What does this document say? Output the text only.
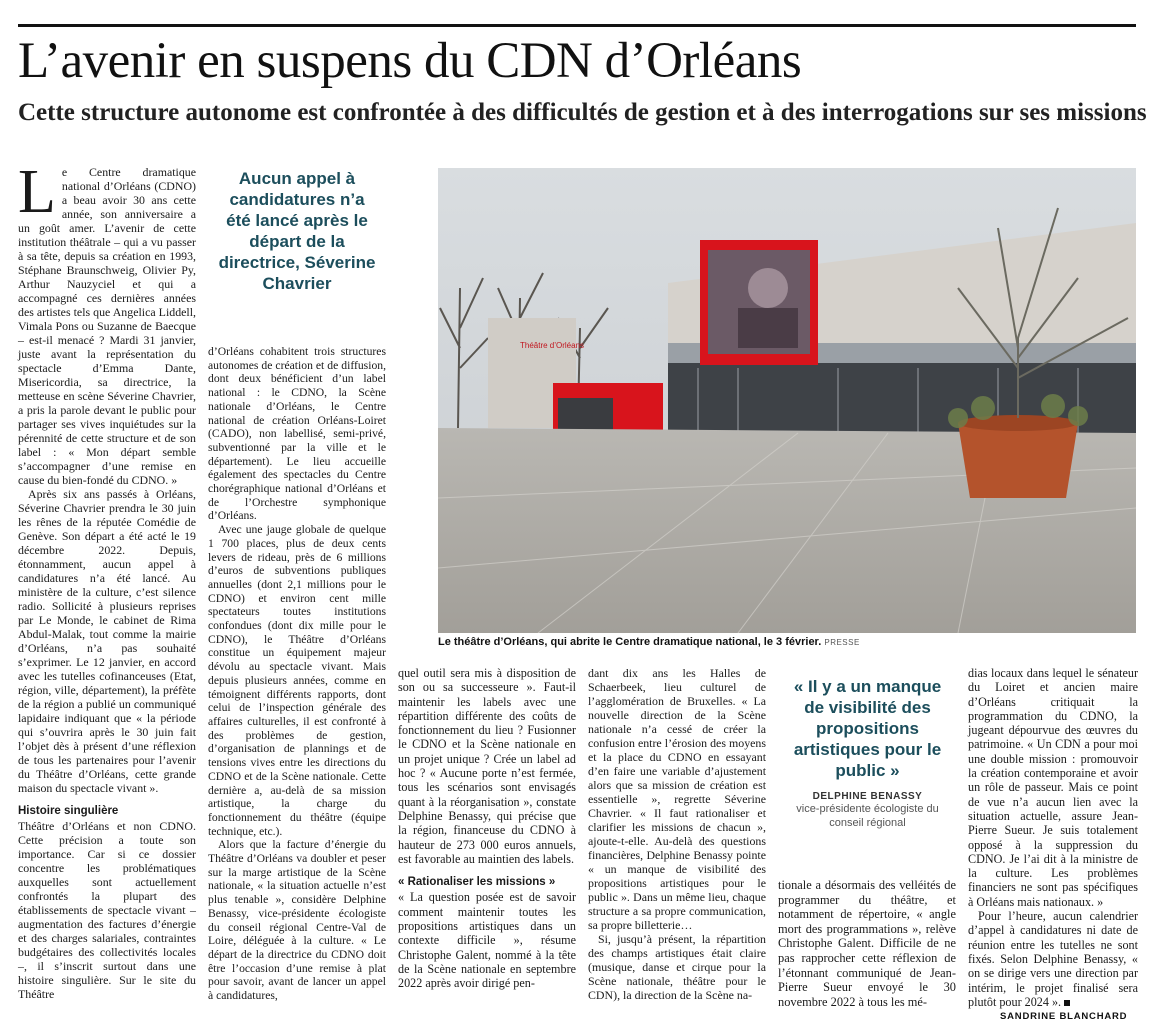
L’avenir en suspens du CDN d’Orléans
Cette structure autonome est confrontée à des difficultés de gestion et à des interrogations sur ses missions

Le Centre dramatique national d’Orléans (CDNO) a beau avoir 30 ans cette année, son anniversaire a un goût amer. L’avenir de cette institution théâtrale – qui a vu passer à sa tête, depuis sa création en 1993, Stéphane Braunschweig, Olivier Py, Arthur Nauzyciel et qui a accompagné ces dernières années des artistes tels que Angelica Liddell, Vimala Pons ou Suzanne de Baecque – est-il menacé ? Mardi 31 janvier, juste avant la représentation du spectacle d’Emma Dante, Misericordia, sa directrice, la metteuse en scène Séverine Chavrier, a pris la parole devant le public pour partager ses vives inquiétudes sur la pérennité de cette structure et de son label : « Mon départ semble s’accompagner d’une remise en cause du bien-fondé du CDNO. »

Après six ans passés à Orléans, Séverine Chavrier prendra le 30 juin les rênes de la réputée Comédie de Genève. Son départ a été acté le 19 décembre 2022. Depuis, étonnamment, aucun appel à candidatures n’a été lancé. Au ministère de la culture, c’est silence radio. Sollicité à plusieurs reprises par Le Monde, le cabinet de Rima Abdul-Malak, tout comme la mairie d’Orléans, n’a pas souhaité s’exprimer. Le 12 janvier, en accord avec les tutelles cofinanceuses (Etat, région, ville, département), la préfète de la région a publié un communiqué lapidaire indiquant que « la période qui s’ouvrira après le 30 juin fait l’objet dès à présent d’une réflexion de tous les partenaires pour l’avenir du Théâtre d’Orléans, cette grande maison du spectacle vivant ».

Histoire singulière

Théâtre d’Orléans et non CDNO. Cette précision a toute son importance. Car si ce dossier concentre les problématiques auxquelles sont actuellement confrontés la plupart des établissements de spectacle vivant – augmentation des factures d’énergie et des charges salariales, contraintes budgétaires des collectivités locales –, il s’inscrit surtout dans une histoire singulière. Sur le site du Théâtre

Aucun appel à candidatures n’a été lancé après le départ de la directrice, Séverine Chavrier

d’Orléans cohabitent trois structures autonomes de création et de diffusion, dont deux bénéficient d’un label national : le CDNO, la Scène nationale d’Orléans, le Centre national de création Orléans-Loiret (CADO), non labellisé, semi-privé, subventionné par la ville et le département). Le lieu accueille également des spectacles du Centre chorégraphique national d’Orléans et de l’Orchestre symphonique d’Orléans.

Avec une jauge globale de quelque 1 700 places, plus de deux cents levers de rideau, près de 6 millions d’euros de subventions publiques annuelles (dont 2,1 millions pour le CDNO) et environ cent mille spectateurs toutes institutions confondues (dont dix mille pour le CDNO), le Théâtre d’Orléans constitue un équipement majeur dévolu au spectacle vivant. Mais depuis plusieurs années, comme en témoignent différents rapports, dont celui de l’inspection générale des affaires culturelles, il est confronté à des problèmes de gestion, d’organisation de plannings et de tensions vives entre les directions du CDNO et de la Scène nationale. Cette dernière a, au-delà de sa mission artistique, la charge du fonctionnement du théâtre (équipe technique, etc.).

Alors que la facture d’énergie du Théâtre d’Orléans va doubler et peser sur la marge artistique de la Scène nationale, « la situation actuelle n’est plus tenable », considère Delphine Benassy, vice-présidente écologiste du conseil régional Centre-Val de Loire, déléguée à la culture. « Le départ de la directrice du CDNO doit être l’occasion d’une remise à plat pour savoir, avant de lancer un appel à candidatures,

Théâtre d’Orléans
Le théâtre d’Orléans, qui abrite le Centre dramatique national, le 3 février. PRESSE

quel outil sera mis à disposition de son ou sa successeure ». Faut-il maintenir les labels avec une répartition différente des coûts de fonctionnement du lieu ? Fusionner le CDNO et la Scène nationale en un projet unique ? Crée un label ad hoc ? « Aucune porte n’est fermée, tous les scénarios sont envisagés quant à la réorganisation », constate Delphine Benassy, qui précise que la région, financeuse du CDNO à hauteur de 273 000 euros annuels, est favorable au maintien des labels.

« Rationaliser les missions »

« La question posée est de savoir comment maintenir toutes les propositions artistiques dans un contexte difficile », résume Christophe Galent, nommé à la tête de la Scène nationale en septembre 2022 après avoir dirigé pen-

dant dix ans les Halles de Schaerbeek, lieu culturel de l’agglomération de Bruxelles. « La nouvelle direction de la Scène nationale n’a cessé de créer la confusion entre l’érosion des moyens et la place du CDNO en essayant d’en faire une variable d’ajustement alors que sa mission de création est essentielle », regrette Séverine Chavrier. « Il faut rationaliser et clarifier les missions de chacun », ajoute-t-elle. Au-delà des questions financières, Delphine Benassy pointe « un manque de visibilité des propositions artistiques pour le public ». Dans un même lieu, chaque structure a sa propre communication, sa propre billetterie…

Si, jusqu’à présent, la répartition des champs artistiques était claire (musique, danse et cirque pour la Scène nationale, théâtre pour le CDN), la direction de la Scène na-

« Il y a un manque de visibilité des propositions artistiques pour le public »
DELPHINE BENASSY
vice-présidente écologiste du conseil régional

tionale a désormais des velléités de programmer du théâtre, et notamment de répertoire, « angle mort des programmations », relève Christophe Galent. Difficile de ne pas rapprocher cette réflexion de l’étonnant communiqué de Jean-Pierre Sueur envoyé le 30 novembre 2022 à tous les mé-

dias locaux dans lequel le sénateur du Loiret et ancien maire d’Orléans critiquait la programmation du CDNO, la jugeant dépourvue des œuvres du patrimoine. « Un CDN a pour moi une double mission : promouvoir la création contemporaine et avoir un rôle de passeur. Mais ce point de vue n’a aucun lien avec la situation actuelle, assure Jean-Pierre Sueur. Je suis totalement opposé à la suppression du CDNO. Je l’ai dit à la ministre de la culture. Les problèmes financiers ne sont pas spécifiques à Orléans mais nationaux. »

Pour l’heure, aucun calendrier d’appel à candidatures ni date de réunion entre les tutelles ne sont fixés. Selon Delphine Benassy, « on se dirige vers une direction par intérim, le projet finalisé sera plutôt pour 2024 ».

SANDRINE BLANCHARD
